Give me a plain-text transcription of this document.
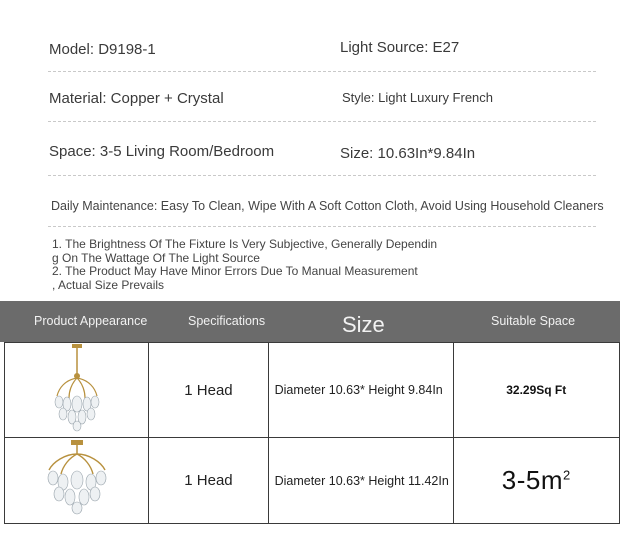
Model: D9198-1	Light Source: E27
Material: Copper + Crystal	Style: Light Luxury French
Space: 3-5 Living Room/Bedroom	Size: 10.63In*9.84In
Daily Maintenance: Easy To Clean, Wipe With A Soft Cotton Cloth, Avoid Using Household Cleaners
1. The Brightness Of The Fixture Is Very Subjective, Generally Dependin
g On The Wattage Of The Light Source
2. The Product May Have Minor Errors Due To Manual Measurement
, Actual Size Prevails
Product Appearance	Specifications	Size	Suitable Space
	1 Head	Diameter 10.63* Height 9.84In	32.29Sq Ft
	1 Head	Diameter 10.63* Height 11.42In	$3-5m^2$
